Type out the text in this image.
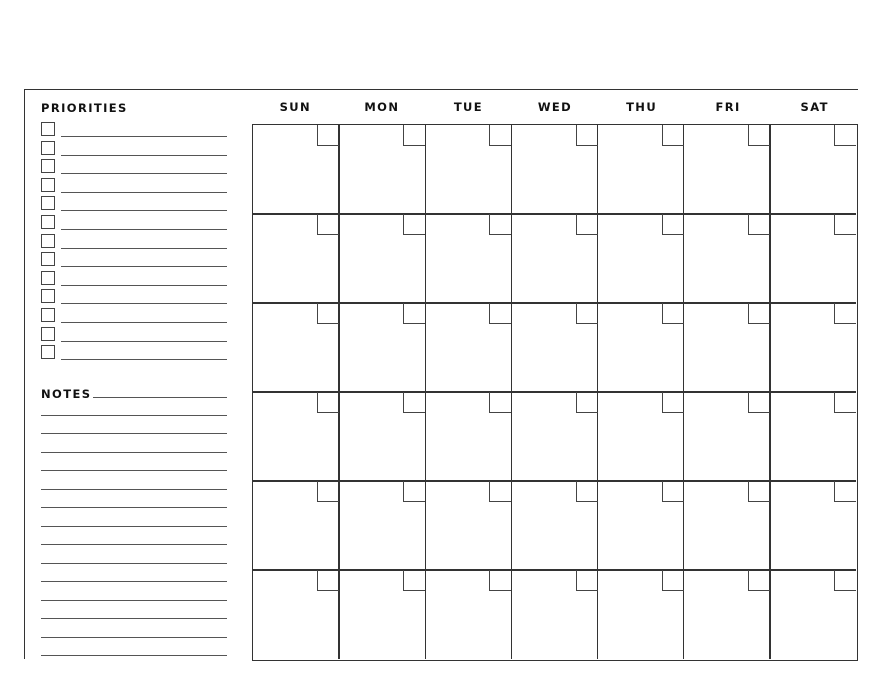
PRIORITIES
NOTES
SUN	MON	TUE	WED	THU	FRI	SAT
